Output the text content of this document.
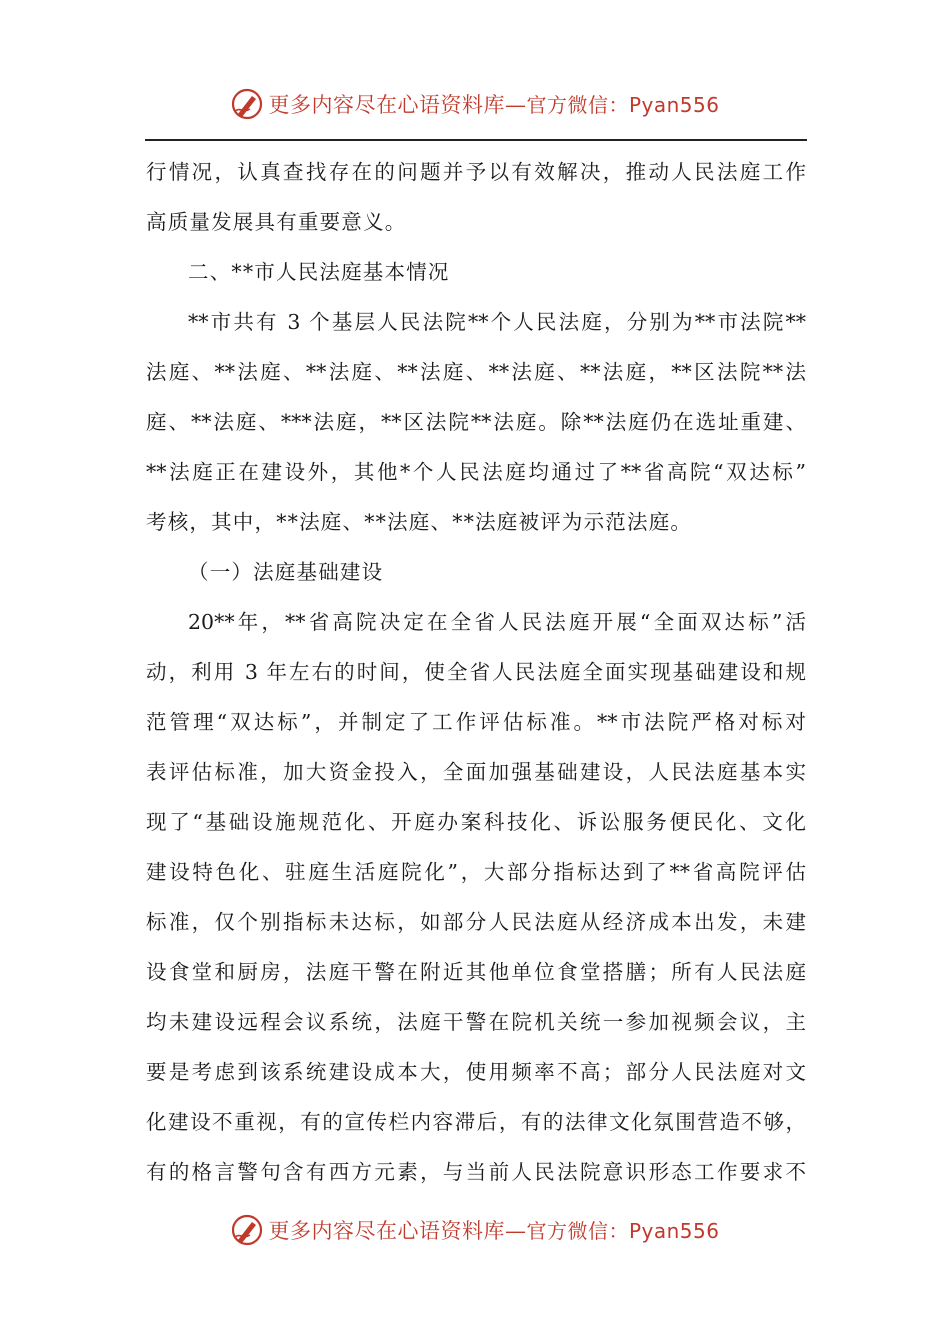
更多内容尽在心语资料库—官方微信：Pyan556
行情况，认真查找存在的问题并予以有效解决，推动人民法庭工作
高质量发展具有重要意义。
二、**市人民法庭基本情况
**市共有 3 个基层人民法院**个人民法庭，分别为**市法院**
法庭、**法庭、**法庭、**法庭、**法庭、**法庭，**区法院**法
庭、**法庭、***法庭，**区法院**法庭。除**法庭仍在选址重建、
**法庭正在建设外，其他*个人民法庭均通过了**省高院“双达标”
考核，其中，**法庭、**法庭、**法庭被评为示范法庭。
（一）法庭基础建设
20**年，**省高院决定在全省人民法庭开展“全面双达标”活
动，利用 3 年左右的时间，使全省人民法庭全面实现基础建设和规
范管理“双达标”，并制定了工作评估标准。**市法院严格对标对
表评估标准，加大资金投入，全面加强基础建设，人民法庭基本实
现了“基础设施规范化、开庭办案科技化、诉讼服务便民化、文化
建设特色化、驻庭生活庭院化”，大部分指标达到了**省高院评估
标准，仅个别指标未达标，如部分人民法庭从经济成本出发，未建
设食堂和厨房，法庭干警在附近其他单位食堂搭膳；所有人民法庭
均未建设远程会议系统，法庭干警在院机关统一参加视频会议，主
要是考虑到该系统建设成本大，使用频率不高；部分人民法庭对文
化建设不重视，有的宣传栏内容滞后，有的法律文化氛围营造不够，
有的格言警句含有西方元素，与当前人民法院意识形态工作要求不
更多内容尽在心语资料库—官方微信：Pyan556
